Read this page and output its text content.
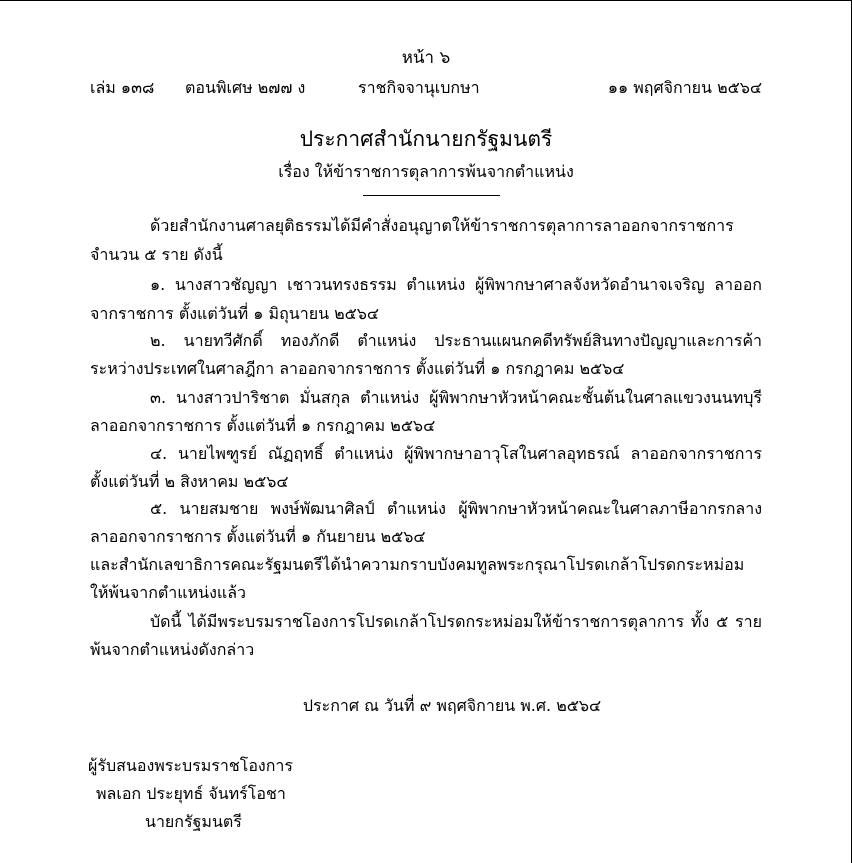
หน้า ๖
เล่ม ๑๓๘ ตอนพิเศษ ๒๗๗ ง	ราชกิจจานุเบกษา	๑๑ พฤศจิกายน ๒๕๖๔
ประกาศสำนักนายกรัฐมนตรี
เรื่อง ให้ข้าราชการตุลาการพ้นจากตำแหน่ง
ด้วยสำนักงานศาลยุติธรรมได้มีคำสั่งอนุญาตให้ข้าราชการตุลาการลาออกจากราชการ
จำนวน ๕ ราย ดังนี้
๑. นางสาวชัญญา เชาวนทรงธรรม ตำแหน่ง ผู้พิพากษาศาลจังหวัดอำนาจเจริญ ลาออก
จากราชการ ตั้งแต่วันที่ ๑ มิถุนายน ๒๕๖๔
๒. นายทวีศักดิ์ ทองภักดี ตำแหน่ง ประธานแผนกคดีทรัพย์สินทางปัญญาและการค้า
ระหว่างประเทศในศาลฎีกา ลาออกจากราชการ ตั้งแต่วันที่ ๑ กรกฎาคม ๒๕๖๔
๓. นางสาวปาริชาต มั่นสกุล ตำแหน่ง ผู้พิพากษาหัวหน้าคณะชั้นต้นในศาลแขวงนนทบุรี
ลาออกจากราชการ ตั้งแต่วันที่ ๑ กรกฎาคม ๒๕๖๔
๔. นายไพฑูรย์ ณัฏฤทธิ์ ตำแหน่ง ผู้พิพากษาอาวุโสในศาลอุทธรณ์ ลาออกจากราชการ
ตั้งแต่วันที่ ๒ สิงหาคม ๒๕๖๔
๕. นายสมชาย พงษ์พัฒนาศิลป์ ตำแหน่ง ผู้พิพากษาหัวหน้าคณะในศาลภาษีอากรกลาง
ลาออกจากราชการ ตั้งแต่วันที่ ๑ กันยายน ๒๕๖๔
และสำนักเลขาธิการคณะรัฐมนตรีได้นำความกราบบังคมทูลพระกรุณาโปรดเกล้าโปรดกระหม่อม
ให้พ้นจากตำแหน่งแล้ว
บัดนี้ ได้มีพระบรมราชโองการโปรดเกล้าโปรดกระหม่อมให้ข้าราชการตุลาการ ทั้ง ๕ ราย
พ้นจากตำแหน่งดังกล่าว
ประกาศ ณ วันที่ ๙ พฤศจิกายน พ.ศ. ๒๕๖๔
ผู้รับสนองพระบรมราชโองการ
พลเอก ประยุทธ์ จันทร์โอชา
นายกรัฐมนตรี
